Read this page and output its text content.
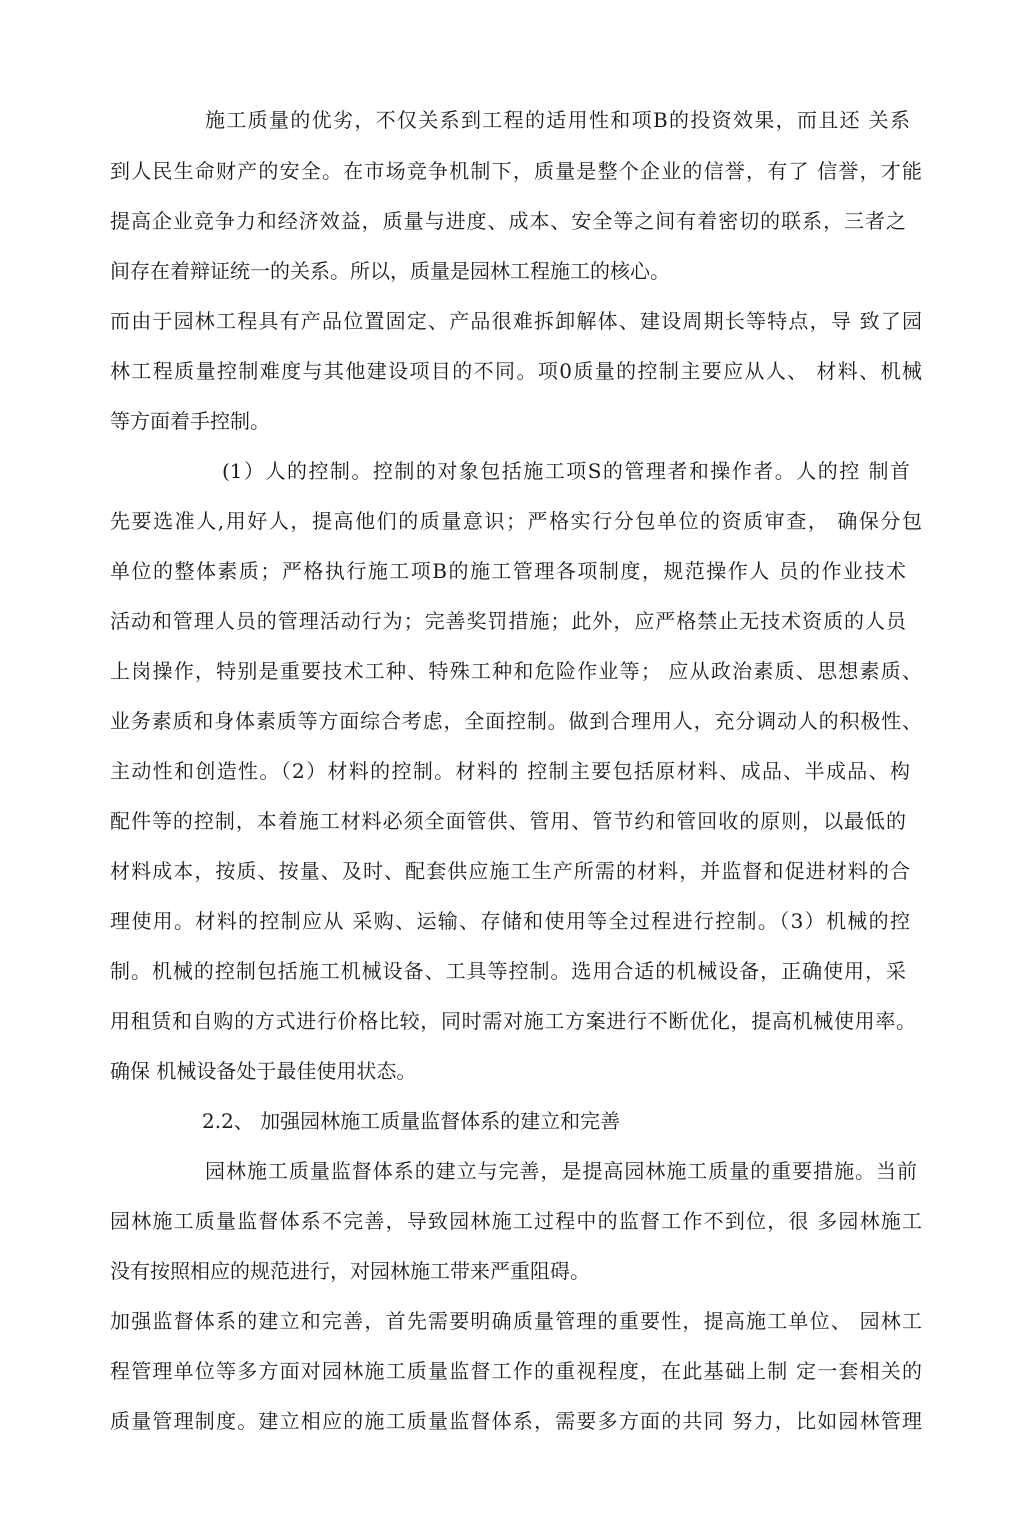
施工质量的优劣，不仅关系到工程的适用性和项B的投资效果，而且还 关系
到人民生命财产的安全。在市场竞争机制下，质量是整个企业的信誉，有了 信誉，才能
提高企业竞争力和经济效益，质量与进度、成本、安全等之间有着密切的联系，三者之
间存在着辩证统一的关系。所以，质量是园林工程施工的核心。
而由于园林工程具有产品位置固定、产品很难拆卸解体、建设周期长等特点，导 致了园
林工程质量控制难度与其他建设项目的不同。项0质量的控制主要应从人、 材料、机械
等方面着手控制。
(1）人的控制。控制的对象包括施工项S的管理者和操作者。人的控 制首
先要选准人,用好人，提高他们的质量意识；严格实行分包单位的资质审查， 确保分包
单位的整体素质；严格执行施工项B的施工管理各项制度，规范操作人 员的作业技术
活动和管理人员的管理活动行为；完善奖罚措施；此外，应严格禁止无技术资质的人员
上岗操作，特别是重要技术工种、特殊工种和危险作业等； 应从政治素质、思想素质、
业务素质和身体素质等方面综合考虑，全面控制。做到合理用人，充分调动人的积极性、
主动性和创造性。（2）材料的控制。材料的 控制主要包括原材料、成品、半成品、构
配件等的控制，本着施工材料必须全面管供、管用、管节约和管回收的原则，以最低的
材料成本，按质、按量、及时、配套供应施工生产所需的材料，并监督和促进材料的合
理使用。材料的控制应从 采购、运输、存储和使用等全过程进行控制。（3）机械的控
制。机械的控制包括施工机械设备、工具等控制。选用合适的机械设备，正确使用，采
用租赁和自购的方式进行价格比较，同时需对施工方案进行不断优化，提高机械使用率。
确保 机械设备处于最佳使用状态。
2.2、 加强园林施工质量监督体系的建立和完善
园林施工质量监督体系的建立与完善，是提高园林施工质量的重要措施。当前
园林施工质量监督体系不完善，导致园林施工过程中的监督工作不到位，很 多园林施工
没有按照相应的规范进行，对园林施工带来严重阻碍。
加强监督体系的建立和完善，首先需要明确质量管理的重要性，提高施工单位、 园林工
程管理单位等多方面对园林施工质量监督工作的重视程度，在此基础上制 定一套相关的
质量管理制度。建立相应的施工质量监督体系，需要多方面的共同 努力，比如园林管理
